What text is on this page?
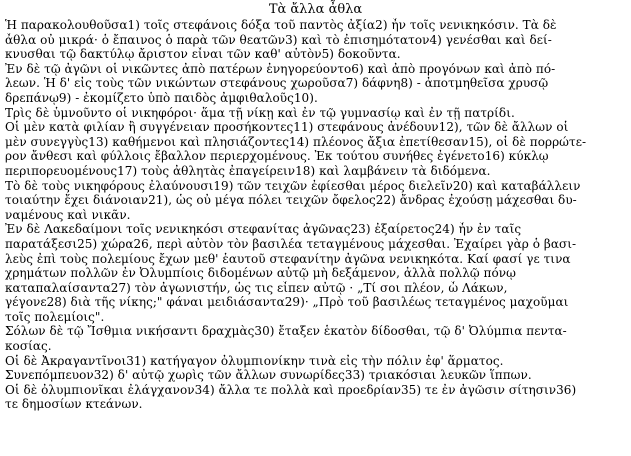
Τὰ ἄλλα ἆθλα
Ἡ παρακολουθοῦσα1) τοῖς στεφάνοις δόξα τοῦ παντὸς ἀξία2) ἦν τοῖς νενικηκόσιν. Τὰ δὲ
ἆθλα οὐ μικρά· ὁ ἔπαινος ὁ παρὰ τῶν θεατῶν3) καὶ τὸ ἐπισημότατον4) γενέσθαι καὶ δεί-
κνυσθαι τῷ δακτύλῳ ἄριστον εἶναι τῶν καθ' αὑτὸν5) δοκοῦντα.
Ἐν δὲ τῷ ἀγῶνι οἱ νικῶντες ἀπὸ πατέρων ἐνηγορεύοντο6) καὶ ἀπὸ προγόνων καὶ ἀπὸ πό-
λεων. Ἡ δ' εἰς τοὺς τῶν νικώντων στεφάνους χωροῦσα7) δάφνη8) - ἀποτμηθεῖσα χρυσῷ
δρεπάνῳ9) - ἐκομίζετο ὑπὸ παιδὸς ἀμφιθαλοῦς10).
Τρὶς δὲ ὑμνοῦντο οἱ νικηφόροι· ἅμα τῇ νίκῃ καὶ ἐν τῷ γυμνασίῳ καὶ ἐν τῇ πατρίδι.
Οἱ μὲν κατὰ φιλίαν ἢ συγγένειαν προσήκοντες11) στεφάνους ἀνέδουν12), τῶν δὲ ἄλλων οἱ
μὲν συνεγγὺς13) καθήμενοι καὶ πλησιάζοντες14) πλέονος ἄξια ἐπετίθεσαν15), οἱ δὲ πορρώτε-
ρον ἄνθεσι καὶ φύλλοις ἔβαλλον περιερχομένους. Ἐκ τούτου συνήθες ἐγένετο16) κύκλῳ
περιπορευομένους17) τοὺς ἀθλητὰς ἐπαγείρειν18) καὶ λαμβάνειν τὰ διδόμενα.
Τὸ δὲ τοὺς νικηφόρους ἐλαύνουσι19) τῶν τειχῶν ἐφίεσθαι μέρος διελεῖν20) καὶ καταβάλλειν
τοιαύτην ἔχει διάνοιαν21), ὡς οὐ μέγα πόλει τειχῶν ὄφελος22) ἄνδρας ἐχούσῃ μάχεσθαι δυ-
ναμένους καὶ νικᾶν.
Ἐν δὲ Λακεδαίμονι τοῖς νενικηκόσι στεφανίτας ἀγῶνας23) ἐξαίρετος24) ἦν ἐν ταῖς
παρατάξεσι25) χώρα26, περὶ αὐτὸν τὸν βασιλέα τεταγμένους μάχεσθαι. Ἐχαίρει γὰρ ὁ βασι-
λεὺς ἐπὶ τοὺς πολεμίους ἔχων μεθ' ἑαυτοῦ στεφανίτην ἀγῶνα νενικηκότα. Καί φασί γε τινα
χρημάτων πολλῶν ἐν Ὀλυμπίοις διδομένων αὐτῷ μὴ δεξάμενον, ἀλλὰ πολλῷ πόνῳ
καταπαλαίσαντα27) τὸν ἀγωνιστήν, ὡς τις εἶπεν αὐτῷ · „Τί σοι πλέον, ὦ Λάκων,
γέγονε28) διὰ τῆς νίκης;" φάναι μειδιάσαντα29)· „Πρὸ τοῦ βασιλέως τεταγμένος μαχοῦμαι
τοῖς πολεμίοις".
Σόλων δὲ τῷ Ἴσθμια νικήσαντι δραχμὰς30) ἔταξεν ἑκατὸν δίδοσθαι, τῷ δ' Ὀλύμπια πεντα-
κοσίας.
Οἱ δὲ Ἀκραγαντῖνοι31) κατήγαγον ὀλυμπιονίκην τινὰ εἰς τὴν πόλιν ἐφ' ἅρματος.
Συνεπόμπευον32) δ' αὐτῷ χωρὶς τῶν ἄλλων συνωρίδες33) τριακόσιαι λευκῶν ἵππων.
Οἱ δὲ ὀλυμπιονῖκαι ἐλάγχανον34) ἄλλα τε πολλὰ καὶ προεδρίαν35) τε ἐν ἀγῶσιν σίτησιν36)
τε δημοσίων κτεάνων.
